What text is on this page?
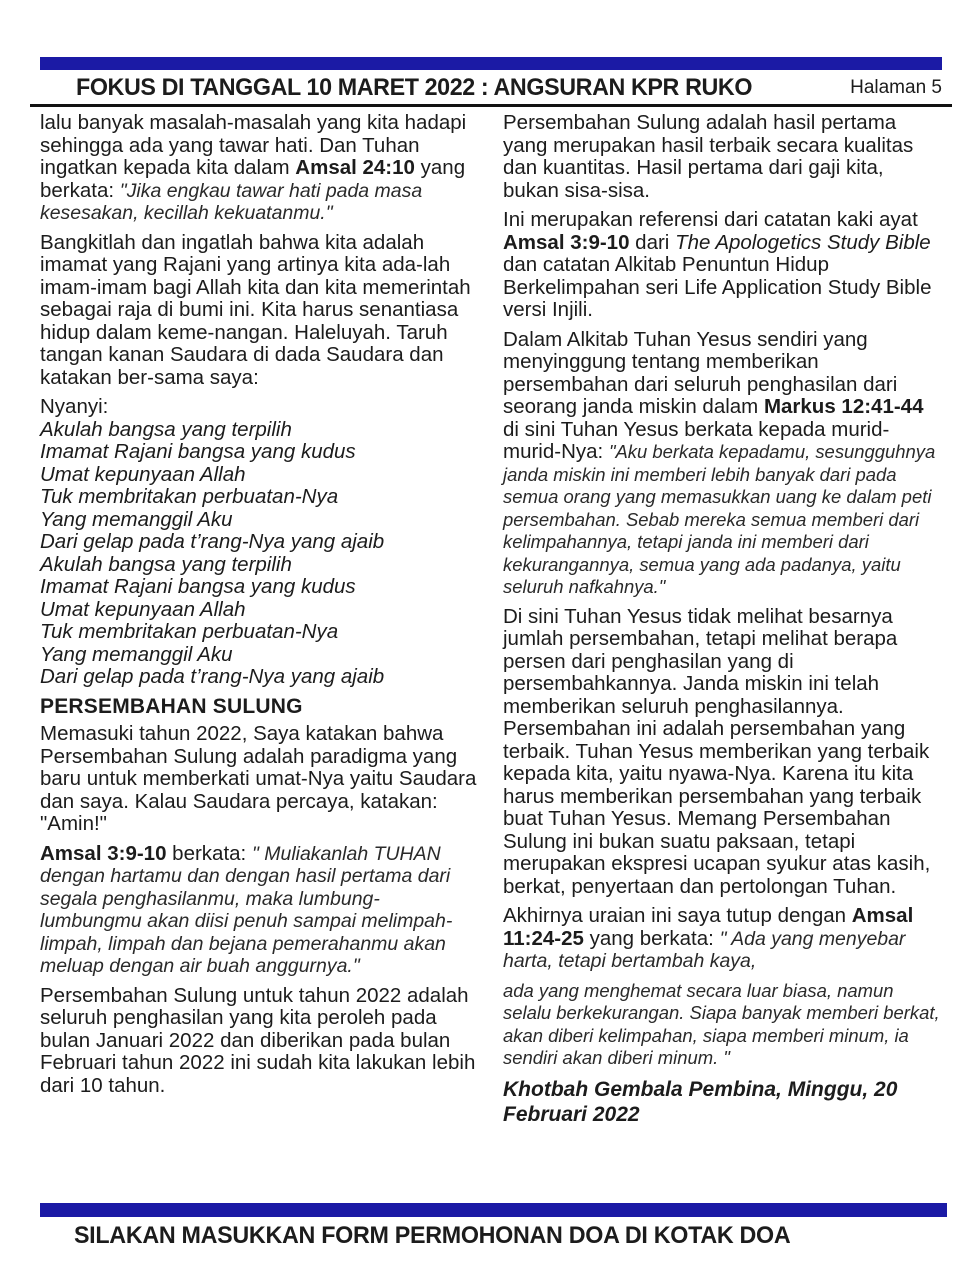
FOKUS DI TANGGAL 10 MARET 2022 : ANGSURAN KPR RUKO	Halaman 5

lalu banyak masalah-masalah yang kita hadapi sehingga ada yang tawar hati. Dan Tuhan ingatkan kepada kita dalam Amsal 24:10 yang berkata: "Jika engkau tawar hati pada masa kesesakan, kecillah kekuatanmu."

Bangkitlah dan ingatlah bahwa kita adalah imamat yang Rajani yang artinya kita ada-lah imam-imam bagi Allah kita dan kita memerintah sebagai raja di bumi ini. Kita harus senantiasa hidup dalam keme-nangan. Haleluyah. Taruh tangan kanan Saudara di dada Saudara dan katakan ber-sama saya:

Nyanyi:
Akulah bangsa yang terpilih
Imamat Rajani bangsa yang kudus
Umat kepunyaan Allah
Tuk membritakan perbuatan-Nya
Yang memanggil Aku
Dari gelap pada t’rang-Nya yang ajaib
Akulah bangsa yang terpilih
Imamat Rajani bangsa yang kudus
Umat kepunyaan Allah
Tuk membritakan perbuatan-Nya
Yang memanggil Aku
Dari gelap pada t’rang-Nya yang ajaib
PERSEMBAHAN SULUNG

Memasuki tahun 2022, Saya katakan bahwa Persembahan Sulung adalah paradigma yang baru untuk memberkati umat-Nya yaitu Saudara dan saya. Kalau Saudara percaya, katakan: "Amin!"

Amsal 3:9-10 berkata: " Muliakanlah TUHAN dengan hartamu dan dengan hasil pertama dari segala penghasilanmu, maka lumbung-lumbungmu akan diisi penuh sampai melimpah-limpah, limpah dan bejana pemerahanmu akan meluap dengan air buah anggurnya."

Persembahan Sulung untuk tahun 2022 adalah seluruh penghasilan yang kita peroleh pada bulan Januari 2022 dan diberikan pada bulan Februari tahun 2022 ini sudah kita lakukan lebih dari 10 tahun.

Persembahan Sulung adalah hasil pertama yang merupakan hasil terbaik secara kualitas dan kuantitas. Hasil pertama dari gaji kita, bukan sisa-sisa.

Ini merupakan referensi dari catatan kaki ayat Amsal 3:9-10 dari The Apologetics Study Bible dan catatan Alkitab Penuntun Hidup Berkelimpahan seri Life Application Study Bible versi Injili.

Dalam Alkitab Tuhan Yesus sendiri yang menyinggung tentang memberikan persembahan dari seluruh penghasilan dari seorang janda miskin dalam Markus 12:41-44 di sini Tuhan Yesus berkata kepada murid-murid-Nya: "Aku berkata kepadamu, sesungguhnya janda miskin ini memberi lebih banyak dari pada semua orang yang memasukkan uang ke dalam peti persembahan. Sebab mereka semua memberi dari kelimpahannya, tetapi janda ini memberi dari kekurangannya, semua yang ada padanya, yaitu seluruh nafkahnya."

Di sini Tuhan Yesus tidak melihat besarnya jumlah persembahan, tetapi melihat berapa persen dari penghasilan yang di persembahkannya. Janda miskin ini telah memberikan seluruh penghasilannya. Persembahan ini adalah persembahan yang terbaik. Tuhan Yesus memberikan yang terbaik kepada kita, yaitu nyawa-Nya. Karena itu kita harus memberikan persembahan yang terbaik buat Tuhan Yesus. Memang Persembahan Sulung ini bukan suatu paksaan, tetapi merupakan ekspresi ucapan syukur atas kasih, berkat, penyertaan dan pertolongan Tuhan.

Akhirnya uraian ini saya tutup dengan Amsal 11:24-25 yang berkata: " Ada yang menyebar harta, tetapi bertambah kaya,

ada yang menghemat secara luar biasa, namun selalu berkekurangan. Siapa banyak memberi berkat, akan diberi kelimpahan, siapa memberi minum, ia sendiri akan diberi minum. "

Khotbah Gembala Pembina, Minggu, 20 Februari 2022

SILAKAN MASUKKAN FORM PERMOHONAN DOA DI KOTAK DOA
